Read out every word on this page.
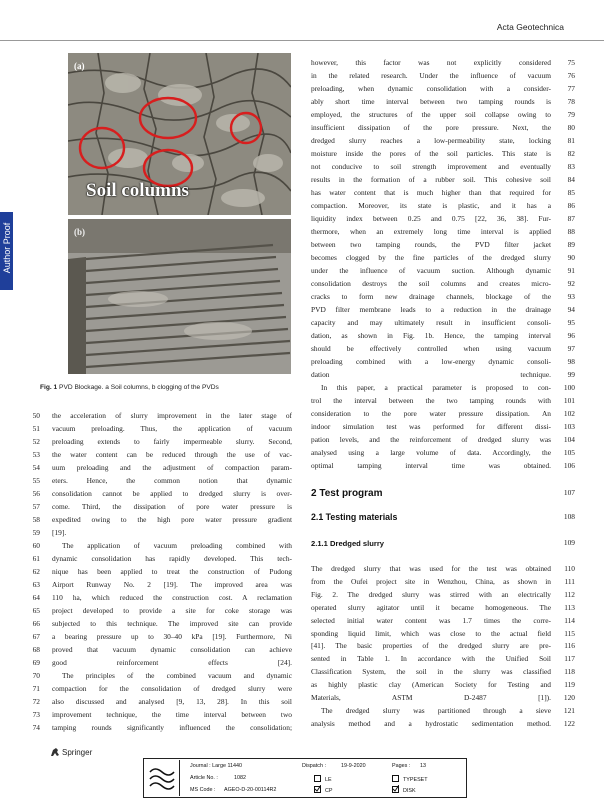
Acta Geotechnica
Author Proof
(a)
Soil columns
(b)
Fig. 1 PVD Blockage. a Soil columns, b clogging of the PVDs
50 the acceleration of slurry improvement in the later stage of
51 vacuum preloading. Thus, the application of vacuum
52 preloading extends to fairly impermeable slurry. Second,
53 the water content can be reduced through the use of vac-
54 uum preloading and the adjustment of compaction param-
55 eters. Hence, the common notion that dynamic
56 consolidation cannot be applied to dredged slurry is over-
57 come. Third, the dissipation of pore water pressure is
58 expedited owing to the high pore water pressure gradient
59 [19].
60	The application of vacuum preloading combined with
61 dynamic consolidation has rapidly developed. This tech-
62 nique has been applied to treat the construction of Pudong
63 Airport Runway No. 2 [19]. The improved area was
64 110 ha, which reduced the construction cost. A reclamation
65 project developed to provide a site for coke storage was
66 subjected to this technique. The improved site can provide
67 a bearing pressure up to 30–40 kPa [19]. Furthermore, Ni
68 proved that vacuum dynamic consolidation can achieve
69 good reinforcement effects [24].
70	The principles of the combined vacuum and dynamic
71 compaction for the consolidation of dredged slurry were
72 also discussed and analysed [9, 13, 28]. In this soil
73 improvement technique, the time interval between two
74 tamping rounds significantly influenced the consolidation;
75
however, this factor was not explicitly considered
76
in the related research. Under the influence of vacuum
77
preloading, when dynamic consolidation with a consider-
78
ably short time interval between two tamping rounds is
79
employed, the structures of the upper soil collapse owing to
80
insufficient dissipation of the pore pressure. Next, the
81
dredged slurry reaches a low-permeability state, locking
82
moisture inside the pores of the soil particles. This state is
83
not conducive to soil strength improvement and eventually
84
results in the formation of a rubber soil. This cohesive soil
85
has water content that is much higher than that required for
86
compaction. Moreover, its state is plastic, and it has a
87
liquidity index between 0.25 and 0.75 [22, 36, 38]. Fur-
88
thermore, when an extremely long time interval is applied
89
between two tamping rounds, the PVD filter jacket
90
becomes clogged by the fine particles of the dredged slurry
91
under the influence of vacuum suction. Although dynamic
92
consolidation destroys the soil columns and creates micro-
93
cracks to form new drainage channels, blockage of the
94
PVD filter membrane leads to a reduction in the drainage
95
capacity and may ultimately result in insufficient consoli-
96
dation, as shown in Fig. 1b. Hence, the tamping interval
97
should be effectively controlled when using vacuum
98
preloading combined with a low-energy dynamic consoli-
99
dation technique.
100
In this paper, a practical parameter is proposed to con-
101
trol the interval between the two tamping rounds with
102
consideration to the pore water pressure dissipation. An
103
indoor simulation test was performed for different dissi-
104
pation levels, and the reinforcement of dredged slurry was
105
analysed using a large volume of data. Accordingly, the
106
optimal tamping interval time was obtained.
2 Test program	107
2.1 Testing materials	108
2.1.1 Dredged slurry	109
110
The dredged slurry that was used for the test was obtained
111
from the Oufei project site in Wenzhou, China, as shown in
112
Fig. 2. The dredged slurry was stirred with an electrically
113
operated slurry agitator until it became homogeneous. The
114
selected initial water content was 1.7 times the corre-
115
sponding liquid limit, which was close to the actual field
116
[41]. The basic properties of the dredged slurry are pre-
117
sented in Table 1. In accordance with the Unified Soil
118
Classification System, the soil in the slurry was classified
119
as highly plastic clay (American Society for Testing and
120
Materials, ASTM D-2487 [1]).
121
The dredged slurry was partitioned through a sieve
122
analysis method and a hydrostatic sedimentation method.
Springer
Journal : Large 11440
Article No. :	1082
MS Code : AGEO-D-20-00114R2
Dispatch :	19-9-2020	Pages : 13
LE
CP
TYPESET
DISK
